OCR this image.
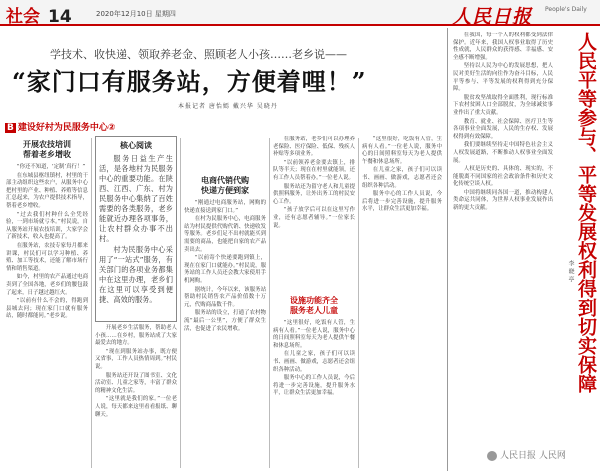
社会 14	2020年12月10日 星期四	人民日报 People's Daily
学技术、收快递、领取养老金、照顾老人小孩……老乡说——
“家门口有服务站，方便着哩！”
本报记者 唐怡嫣 戴兴华 吴晓丹
B 建设好村为民服务中心②
开展农技培训
帮着老乡增收

“你还不知道，‘定制’真行！”

在东城县枢纽镇村，村里的干部主动组织这些农户，从服务中心把村里的产业、种植、养殖等信息汇总起来，为农户提供技术指导，帮着老乡增收。

“过去我们村种什么全凭经验，一到市场就亏本。”村民说，自从服务站开展农技培训，大家学会了新技术，收入也提高了。

在服务站，农技专家每月都来讲课，村民们可以学习种植、养殖、加工等技术，还能了解市场行情和销售渠道。

如今，村里的农产品通过电商卖到了全国各地，老乡们的腰包鼓了起来，日子越过越红火。

“以前有什么不会的，得跑到县城去问；现在家门口就有服务站，随时都能问。”老乡说。

核心阅读

服务日益生产生活，是各地村为民服务中心的重要功能。在陕西、江西、广东、村为民服务中心集纳了百姓需要的各类服务，老乡能就近办理各项事务，让农村群众办事不出村。

村为民服务中心采用了“一站式”服务，有关部门的各项业务都集中在这里办理，老乡们在这里可以享受到便捷、高效的服务。

开展老乡生活服务，帮助老人小孩……在乡村，服务站成了大家最爱去的地方。

“现在到服务站办事，既方便又省事，工作人员热情周到。”村民说。

服务站还开设了图书室、文化活动室、儿童之家等，丰富了群众的精神文化生活。

“这里就是我们的家。”一位老人说，每天都来这里看看报纸、聊聊天。

电商代销代购
快递方便到家

“刚通过电商服务站，网购的快递直接送到家门口。”

在村为民服务中心，电商服务站为村民提供代购代销、快递收发等服务。老乡们足不出村就能买到需要的商品，也能把自家的农产品卖出去。

“以前寄个快递要跑到镇上，现在在家门口就能办。”村民说，服务站的工作人员还会教大家使用手机网购。

据统计，今年以来，该服务站帮助村民销售农产品价值数十万元，代购商品数千件。

服务站的设立，打通了农村物流“最后一公里”，方便了群众生活，也促进了农民增收。

在服务站，老乡们可以办理养老保险、医疗保险、低保、残疾人补贴等多项业务。

“以前领养老金要去镇上，排队等半天；现在在村里就能领，还有工作人员帮着办。”一位老人说。

服务站还为留守老人和儿童提供照料服务，让外出务工的村民安心工作。

“孩子放学后可以在这里写作业，还有志愿者辅导。”一位家长说。

设施功能齐全
服务老人儿童

“这里很好，吃饭有人管，生病有人看。”一位老人说，服务中心的日间照料室每天为老人提供午餐和休息场所。

在儿童之家，孩子们可以读书、画画、做游戏，志愿者还会组织各种活动。

服务中心的工作人员说，今后将进一步完善设施，提升服务水平，让群众生活更加幸福。

“这里很好，吃饭有人管，生病有人看。”一位老人说，服务中心的日间照料室每天为老人提供午餐和休息场所。

在儿童之家，孩子们可以读书、画画、做游戏，志愿者还会组织各种活动。

服务中心的工作人员说，今后将进一步完善设施，提升服务水平，让群众生活更加幸福。	人民平等参与、平等发展权利得到切实保障
李晓亭

在我国，每一个人的权利都受到法律保护。近年来，我国人权事业取得了历史性成就，人民群众的获得感、幸福感、安全感不断增强。

坚持以人民为中心的发展思想，把人民对美好生活的向往作为奋斗目标，人民平等参与、平等发展的权利得到充分保障。

脱贫攻坚战取得全面胜利，现行标准下农村贫困人口全部脱贫，为全球减贫事业作出了重大贡献。

教育、就业、社会保障、医疗卫生等各项事业全面发展，人民的生存权、发展权得到有效保障。

我们要继续坚持走中国特色社会主义人权发展道路，不断推动人权事业全面发展。

人权是历史的、具体的、现实的，不能脱离不同国家的社会政治条件和历史文化传统空谈人权。

中国将继续同各国一道，推动构建人类命运共同体，为世界人权事业发展作出新的更大贡献。

人民日报 人民网
